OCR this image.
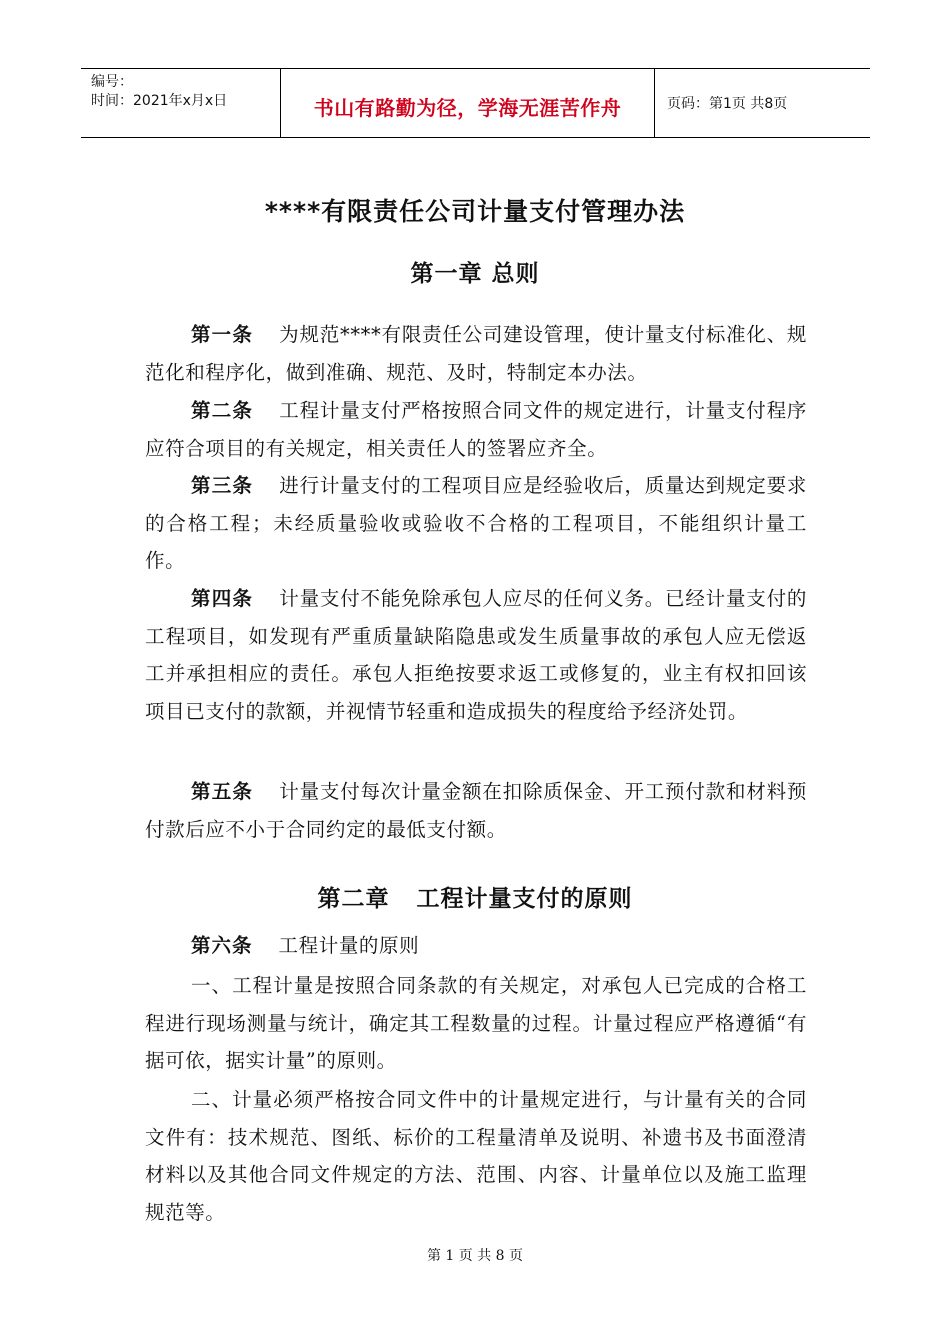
编号：
时间：2021年x月x日	书山有路勤为径，学海无涯苦作舟	页码：第1页 共8页
****有限责任公司计量支付管理办法
第一章 总则
第一条 为规范****有限责任公司建设管理，使计量支付标准化、规范化和程序化，做到准确、规范、及时，特制定本办法。
第二条 工程计量支付严格按照合同文件的规定进行，计量支付程序应符合项目的有关规定，相关责任人的签署应齐全。
第三条 进行计量支付的工程项目应是经验收后，质量达到规定要求的合格工程；未经质量验收或验收不合格的工程项目，不能组织计量工作。
第四条 计量支付不能免除承包人应尽的任何义务。已经计量支付的工程项目，如发现有严重质量缺陷隐患或发生质量事故的承包人应无偿返工并承担相应的责任。承包人拒绝按要求返工或修复的，业主有权扣回该项目已支付的款额，并视情节轻重和造成损失的程度给予经济处罚。
第五条 计量支付每次计量金额在扣除质保金、开工预付款和材料预付款后应不小于合同约定的最低支付额。
第二章   工程计量支付的原则
第六条 工程计量的原则
一、工程计量是按照合同条款的有关规定，对承包人已完成的合格工程进行现场测量与统计，确定其工程数量的过程。计量过程应严格遵循“有据可依，据实计量”的原则。
二、计量必须严格按合同文件中的计量规定进行，与计量有关的合同文件有：技术规范、图纸、标价的工程量清单及说明、补遗书及书面澄清材料以及其他合同文件规定的方法、范围、内容、计量单位以及施工监理规范等。
第 1 页 共 8 页
